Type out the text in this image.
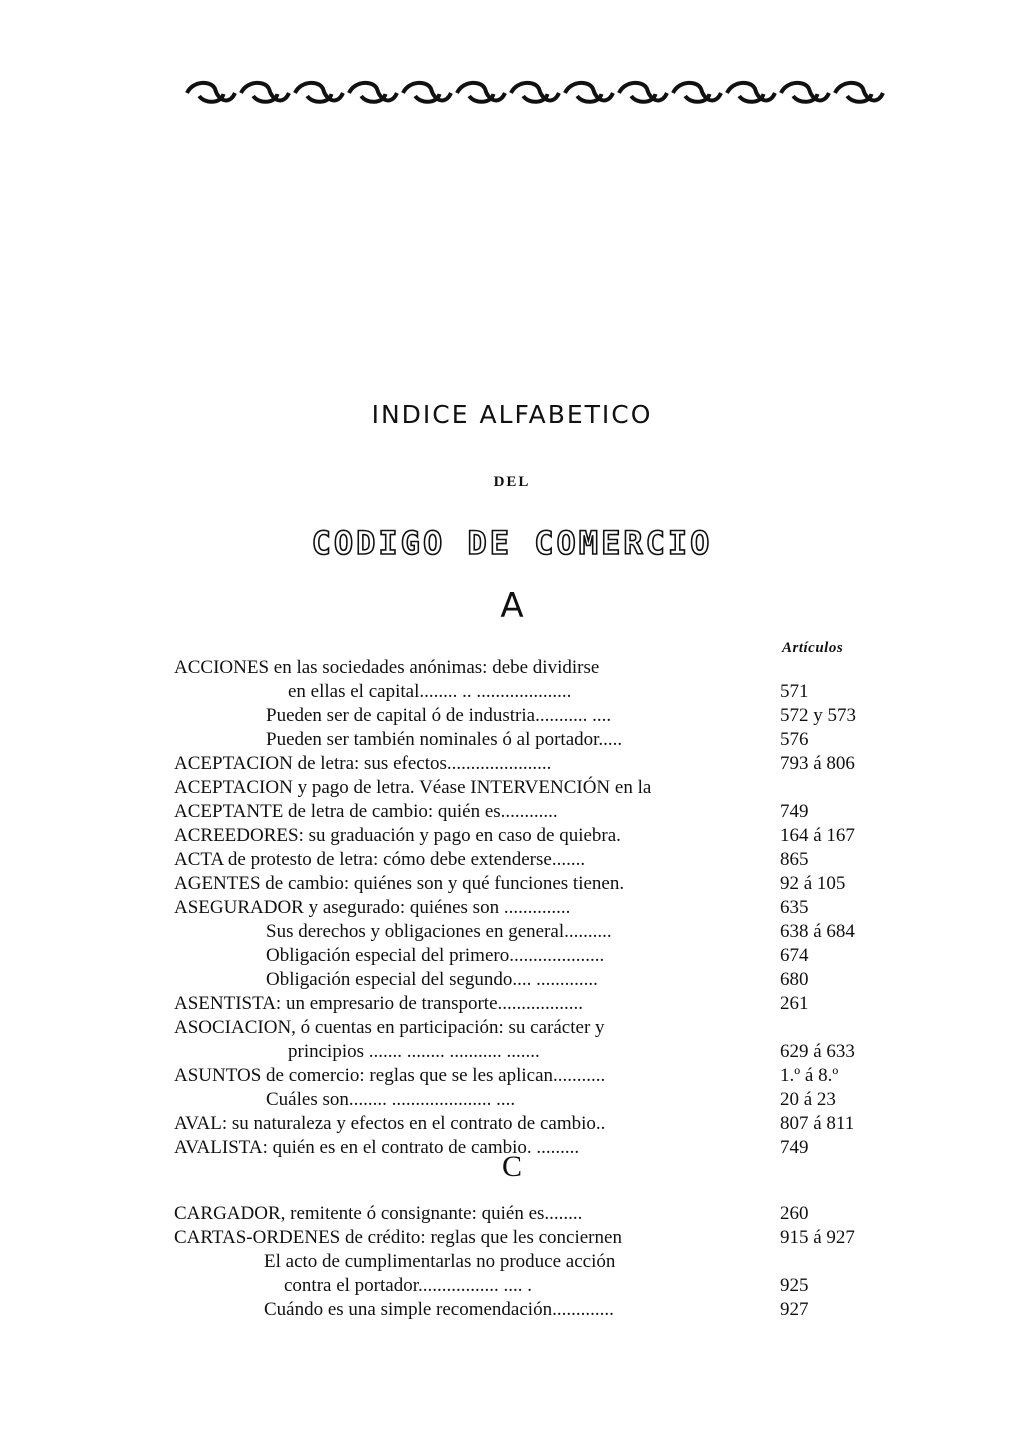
INDICE ALFABETICO
DEL
CODIGO DE COMERCIO
A
Artículos
ACCIONES en las sociedades anónimas: debe dividirse
en ellas el capital........ .. ....................	571
Pueden ser de capital ó de industria........... ....	572 y 573
Pueden ser también nominales ó al portador.....	576
ACEPTACION de letra: sus efectos......................	793 á 806
ACEPTACION y pago de letra. Véase INTERVENCIÓN en la
ACEPTANTE de letra de cambio: quién es............	749
ACREEDORES: su graduación y pago en caso de quiebra.	164 á 167
ACTA de protesto de letra: cómo debe extenderse.......	865
AGENTES de cambio: quiénes son y qué funciones tienen.	92 á 105
ASEGURADOR y asegurado: quiénes son ..............	635
Sus derechos y obligaciones en general..........	638 á 684
Obligación especial del primero....................	674
Obligación especial del segundo.... .............	680
ASENTISTA: un empresario de transporte..................	261
ASOCIACION, ó cuentas en participación: su carácter y
principios ....... ........ ........... .......	629 á 633
ASUNTOS de comercio: reglas que se les aplican...........	1.º á 8.º
Cuáles son........ ..................... ....	20 á 23
AVAL: su naturaleza y efectos en el contrato de cambio..	807 á 811
AVALISTA: quién es en el contrato de cambio. .........	749
C
CARGADOR, remitente ó consignante: quién es........	260
CARTAS-ORDENES de crédito: reglas que les conciernen	915 á 927
El acto de cumplimentarlas no produce acción
contra el portador................. .... .	925
Cuándo es una simple recomendación.............	927
